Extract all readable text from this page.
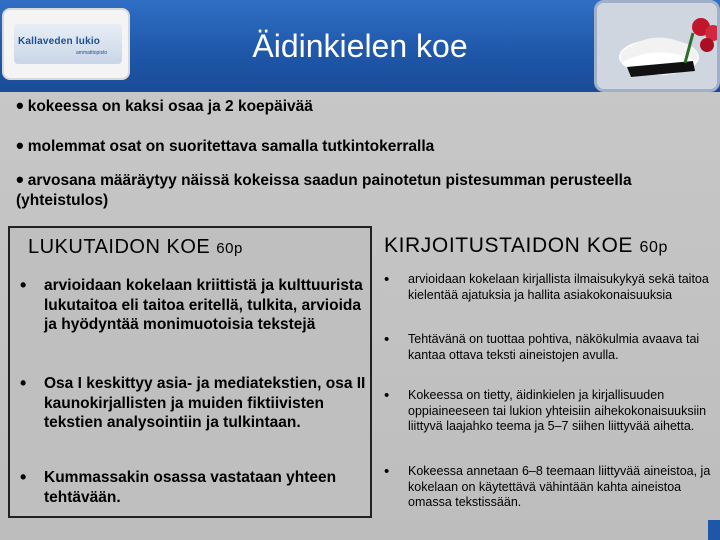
Kallaveden lukio
ammattiopisto	Äidinkielen koe
• kokeessa on kaksi osaa ja 2 koepäivää
• molemmat osat on suoritettava samalla tutkintokerralla
• arvosana määräytyy näissä kokeissa saadun painotetun pistesumman perusteella (yhteistulos)
LUKUTAIDON KOE 60p
•	arvioidaan kokelaan kriittistä ja kulttuurista lukutaitoa eli taitoa eritellä, tulkita, arvioida ja hyödyntää monimuotoisia tekstejä
•	Osa I keskittyy asia- ja mediatekstien, osa II kaunokirjallisten ja muiden fiktiivisten tekstien analysointiin ja tulkintaan.
•	Kummassakin osassa vastataan yhteen tehtävään.
KIRJOITUSTAIDON KOE 60p
•	arvioidaan kokelaan kirjallista ilmaisukykyä sekä taitoa kielentää ajatuksia ja hallita asiakokonaisuuksia
•	Tehtävänä on tuottaa pohtiva, näkökulmia avaava tai kantaa ottava teksti aineistojen avulla.
•	Kokeessa on tietty, äidinkielen ja kirjallisuuden oppiaineeseen tai lukion yhteisiin aihekokonaisuuksiin liittyvä laajahko teema ja 5–7 siihen liittyvää aihetta.
•	Kokeessa annetaan 6–8 teemaan liittyvää aineistoa, ja kokelaan on käytettävä vähintään kahta aineistoa omassa tekstissään.
